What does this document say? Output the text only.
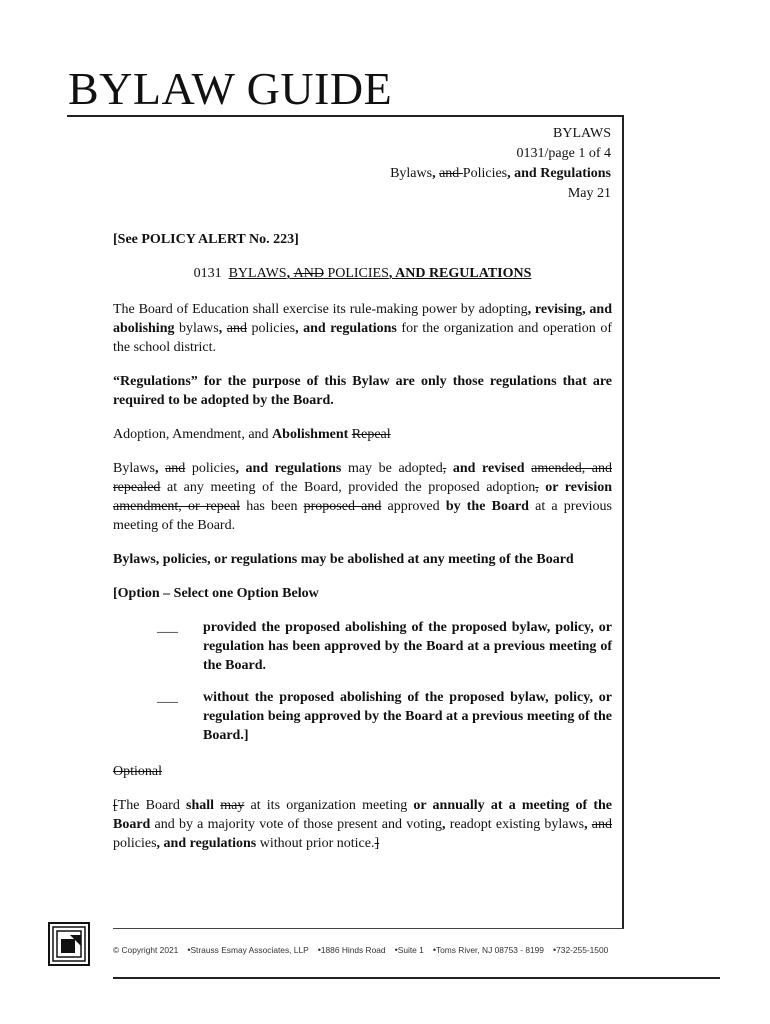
BYLAW GUIDE
BYLAWS
0131/page 1 of 4
Bylaws, and Policies, and Regulations
May 21

[See POLICY ALERT No. 223]

0131 BYLAWS, AND POLICIES, AND REGULATIONS

The Board of Education shall exercise its rule-making power by adopting, revising, and abolishing bylaws, and policies, and regulations for the organization and operation of the school district.

“Regulations” for the purpose of this Bylaw are only those regulations that are required to be adopted by the Board.

Adoption, Amendment, and Abolishment Repeal

Bylaws, and policies, and regulations may be adopted, and revised amended, and repealed at any meeting of the Board, provided the proposed adoption, or revision amendment, or repeal has been proposed and approved by the Board at a previous meeting of the Board.

Bylaws, policies, or regulations may be abolished at any meeting of the Board

[Option – Select one Option Below

___	provided the proposed abolishing of the proposed bylaw, policy, or regulation has been approved by the Board at a previous meeting of the Board.
___	without the proposed abolishing of the proposed bylaw, policy, or regulation being approved by the Board at a previous meeting of the Board.]

Optional

[The Board shall may at its organization meeting or annually at a meeting of the Board and by a majority vote of those present and voting, readopt existing bylaws, and policies, and regulations without prior notice.]

© Copyright 2021 •Strauss Esmay Associates, LLP •1886 Hinds Road •Suite 1 •Toms River, NJ 08753 - 8199 •732-255-1500
